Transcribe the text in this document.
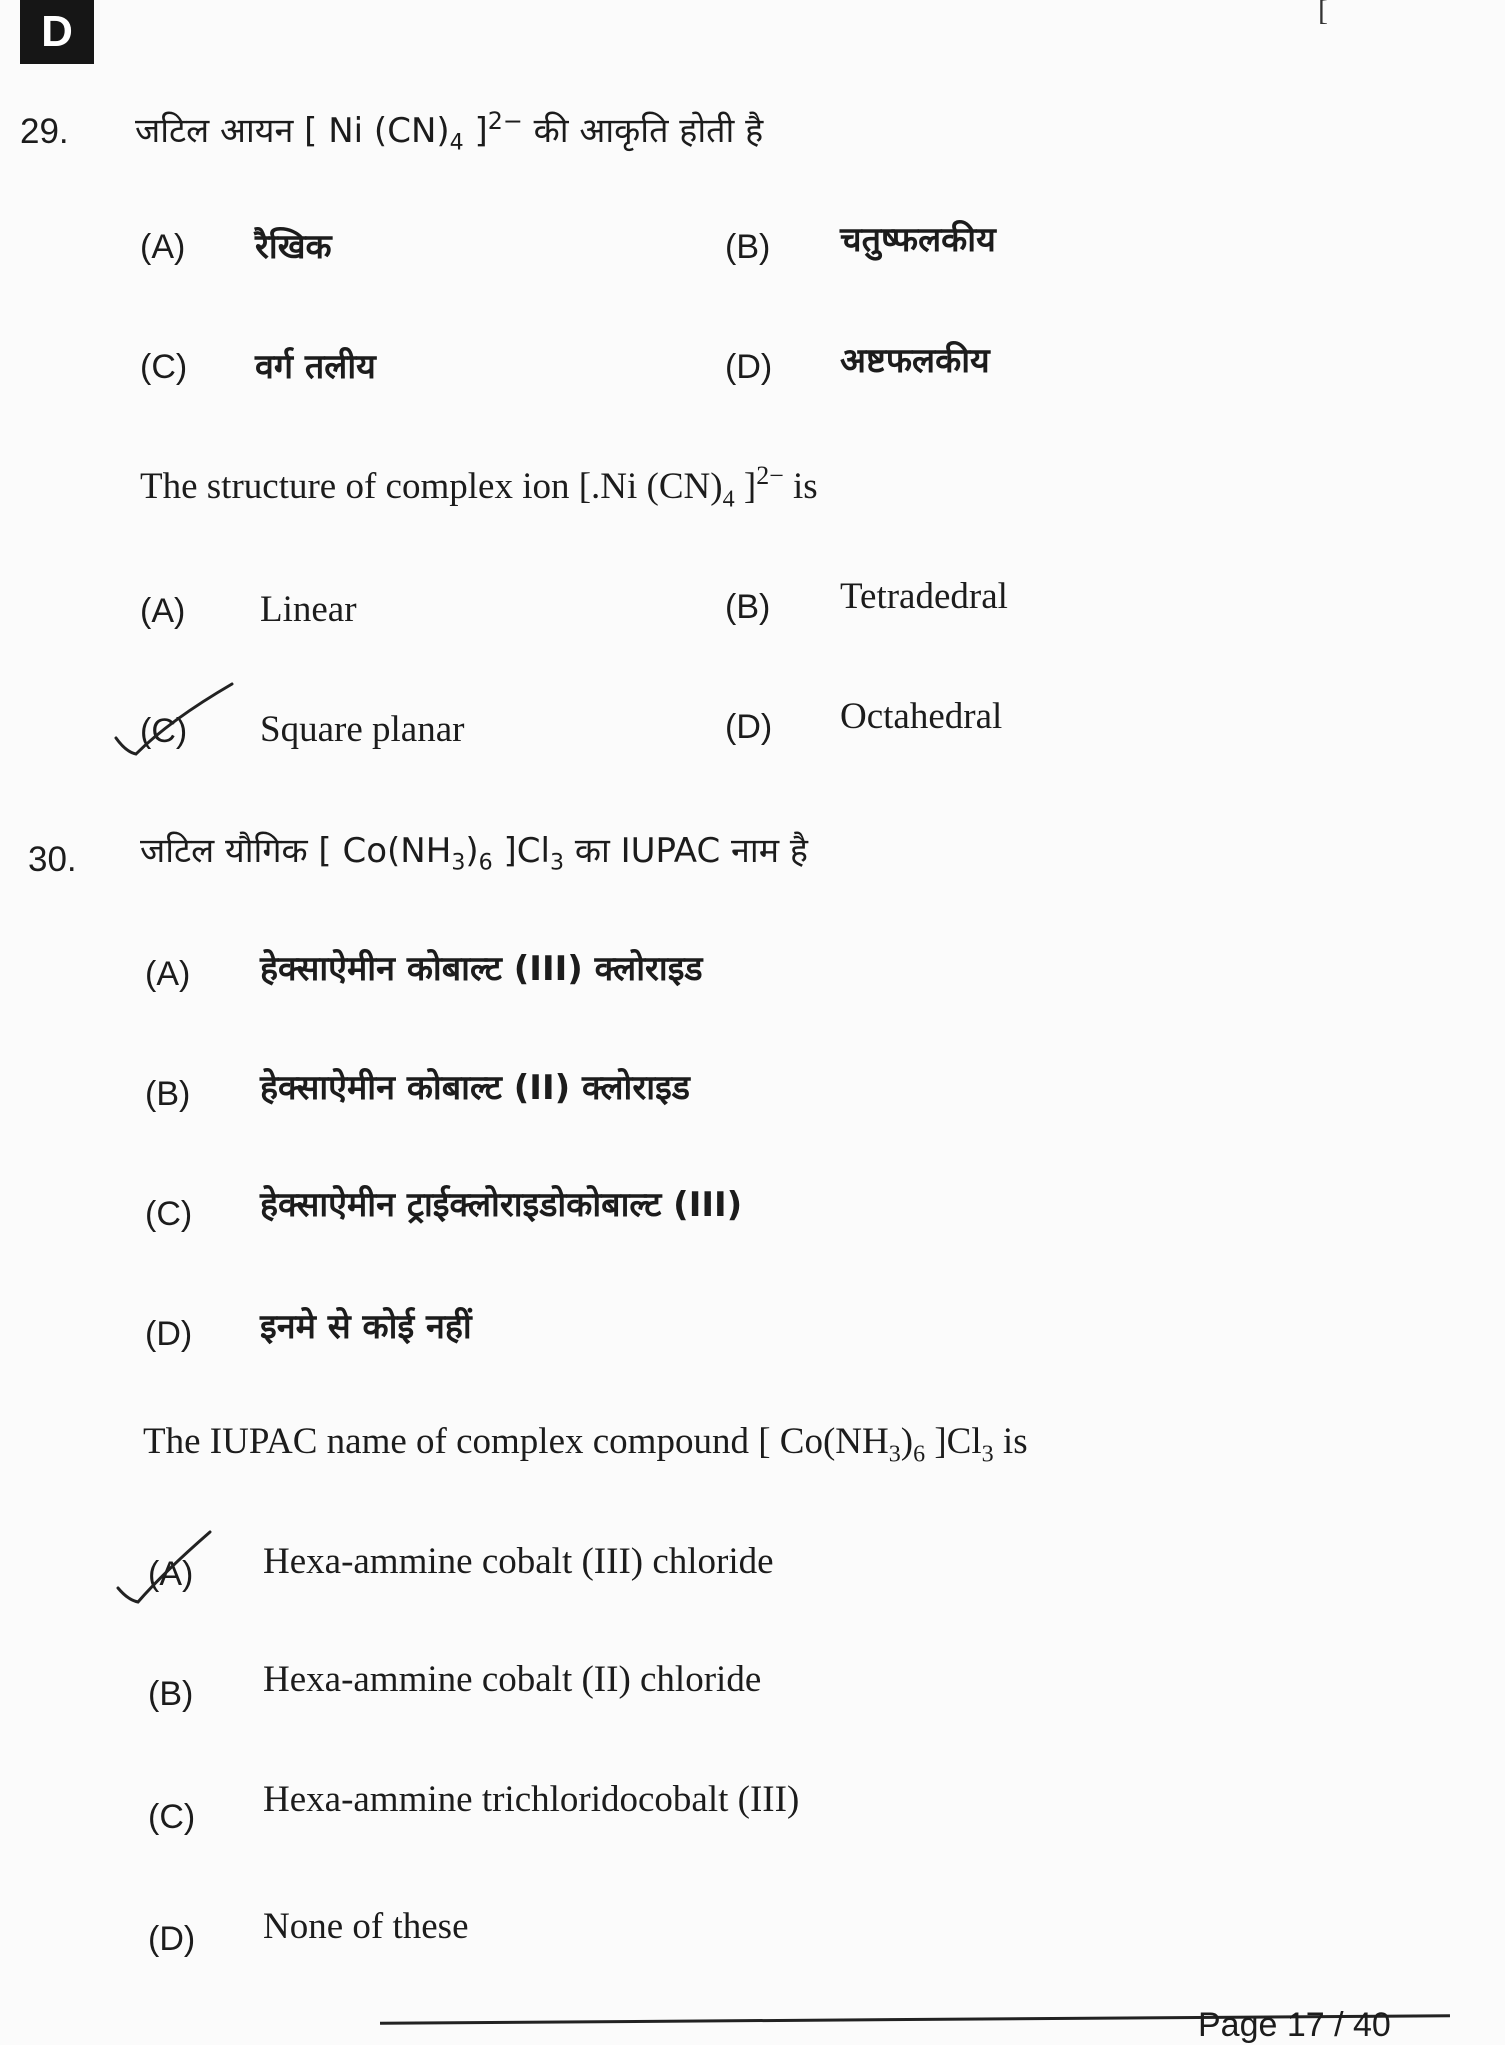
D	[
29. जटिल आयन [ Ni $(CN)_4$ ]$^{2-}$ की आकृति होती है
(A) रैखिक	(B) चतुष्फलकीय
(C) वर्ग तलीय	(D) अष्टफलकीय
The structure of complex ion [.Ni $(CN)_4$ ]$^{2-}$ is
(A) Linear	(B) Tetradedral
(C) Square planar	(D) Octahedral
30. जटिल यौगिक [ $Co(NH_3)_6$ ]$Cl_3$ का IUPAC नाम है
(A) हेक्साऐमीन कोबाल्ट (III) क्लोराइड
(B) हेक्साऐमीन कोबाल्ट (II) क्लोराइड
(C) हेक्साऐमीन ट्राईक्लोराइडोकोबाल्ट (III)
(D) इनमे से कोई नहीं
The IUPAC name of complex compound [ $Co(NH_3)_6$ ]$Cl_3$ is
(A) Hexa-ammine cobalt (III) chloride
(B) Hexa-ammine cobalt (II) chloride
(C) Hexa-ammine trichloridocobalt (III)
(D) None of these
Page 17 / 40
